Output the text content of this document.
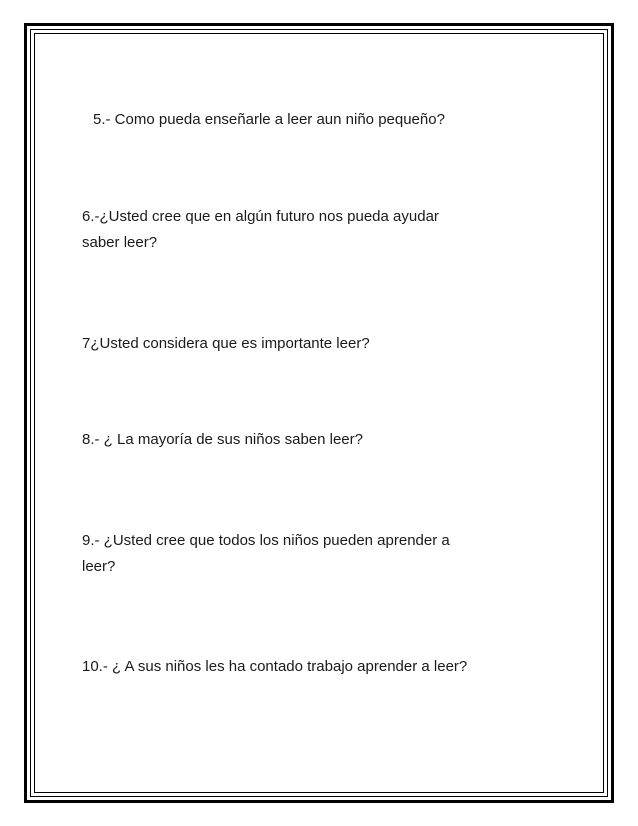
5.- Como pueda enseñarle a leer aun niño pequeño?
6.-¿Usted cree que en algún futuro nos pueda ayudar
saber leer?
7¿Usted considera que es importante leer?
8.- ¿ La mayoría de sus niños saben leer?
9.- ¿Usted cree que todos los niños pueden aprender a
leer?
10.- ¿ A sus niños les ha contado trabajo aprender a leer?
